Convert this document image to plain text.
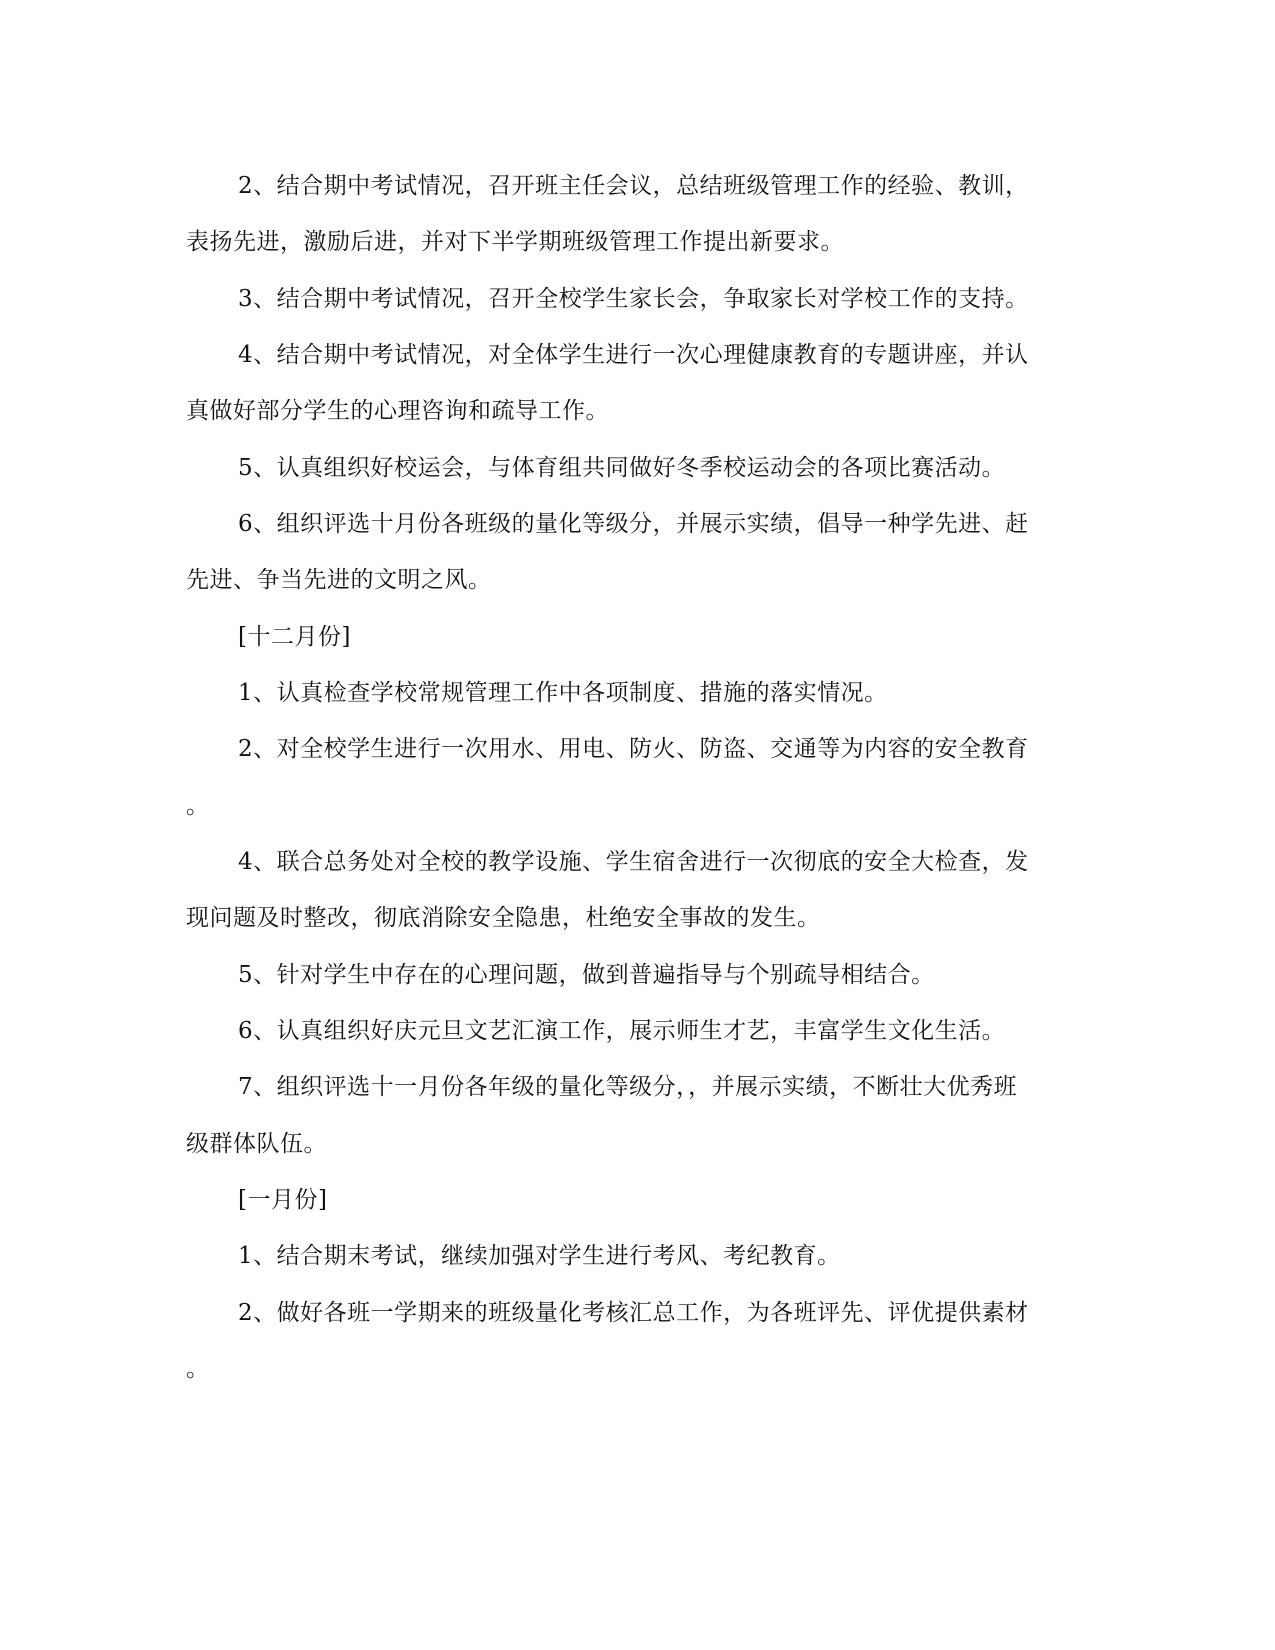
2、结合期中考试情况，召开班主任会议，总结班级管理工作的经验、教训，
表扬先进，激励后进，并对下半学期班级管理工作提出新要求。
3、结合期中考试情况，召开全校学生家长会，争取家长对学校工作的支持。
4、结合期中考试情况，对全体学生进行一次心理健康教育的专题讲座，并认
真做好部分学生的心理咨询和疏导工作。
5、认真组织好校运会，与体育组共同做好冬季校运动会的各项比赛活动。
6、组织评选十月份各班级的量化等级分，并展示实绩，倡导一种学先进、赶
先进、争当先进的文明之风。
[十二月份]
1、认真检查学校常规管理工作中各项制度、措施的落实情况。
2、对全校学生进行一次用水、用电、防火、防盗、交通等为内容的安全教育
。
4、联合总务处对全校的教学设施、学生宿舍进行一次彻底的安全大检查，发
现问题及时整改，彻底消除安全隐患，杜绝安全事故的发生。
5、针对学生中存在的心理问题，做到普遍指导与个别疏导相结合。
6、认真组织好庆元旦文艺汇演工作，展示师生才艺，丰富学生文化生活。
7、组织评选十一月份各年级的量化等级分，，并展示实绩，不断壮大优秀班
级群体队伍。
[一月份]
1、结合期末考试，继续加强对学生进行考风、考纪教育。
2、做好各班一学期来的班级量化考核汇总工作，为各班评先、评优提供素材
。
